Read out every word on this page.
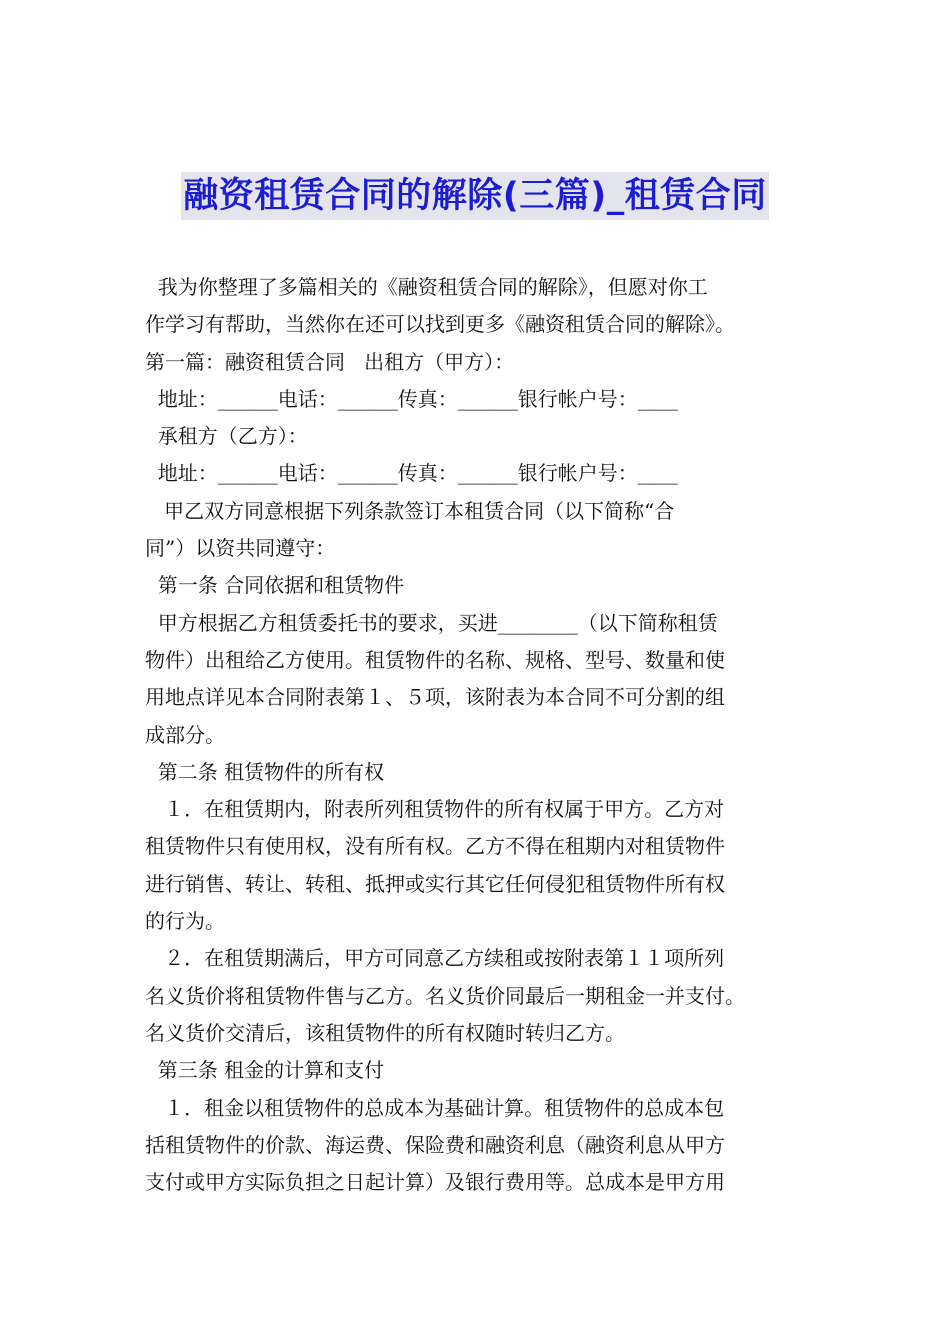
融资租赁合同的解除(三篇)_租赁合同
我为你整理了多篇相关的《融资租赁合同的解除》，但愿对你工
作学习有帮助，当然你在还可以找到更多《融资租赁合同的解除》。
第一篇：融资租赁合同   出租方（甲方）：
地址：______电话：______传真：______银行帐户号：____
承租方（乙方）：
地址：______电话：______传真：______银行帐户号：____
甲乙双方同意根据下列条款签订本租赁合同（以下简称“合
同”）以资共同遵守：
第一条 合同依据和租赁物件
甲方根据乙方租赁委托书的要求，买进________（以下简称租赁
物件）出租给乙方使用。租赁物件的名称、规格、型号、数量和使
用地点详见本合同附表第１、５项，该附表为本合同不可分割的组
成部分。
第二条 租赁物件的所有权
１．在租赁期内，附表所列租赁物件的所有权属于甲方。乙方对
租赁物件只有使用权，没有所有权。乙方不得在租期内对租赁物件
进行销售、转让、转租、抵押或实行其它任何侵犯租赁物件所有权
的行为。
２．在租赁期满后，甲方可同意乙方续租或按附表第１１项所列
名义货价将租赁物件售与乙方。名义货价同最后一期租金一并支付。
名义货价交清后，该租赁物件的所有权随时转归乙方。
第三条 租金的计算和支付
１．租金以租赁物件的总成本为基础计算。租赁物件的总成本包
括租赁物件的价款、海运费、保险费和融资利息（融资利息从甲方
支付或甲方实际负担之日起计算）及银行费用等。总成本是甲方用
